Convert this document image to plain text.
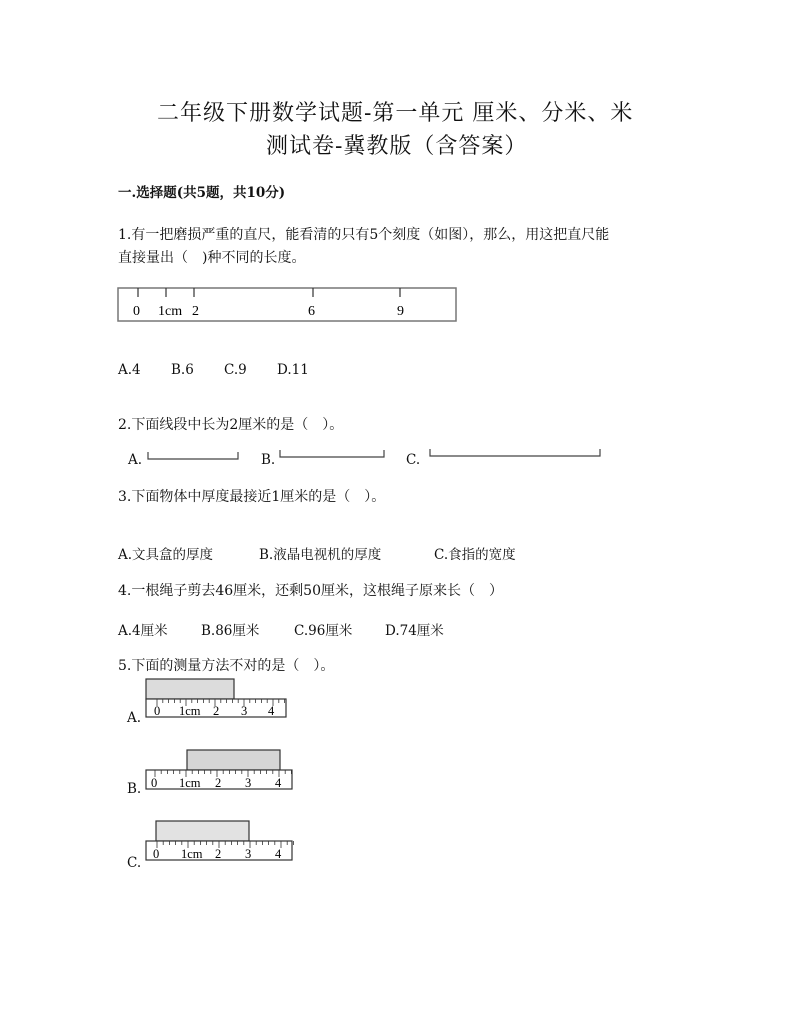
二年级下册数学试题-第一单元 厘米、分米、米
测试卷-冀教版（含答案）
一.选择题(共5题，共10分)
1.有一把磨损严重的直尺，能看清的只有5个刻度（如图），那么，用这把直尺能
直接量出（　)种不同的长度。
0 1cm 2	6	9
A.4 B.6 C.9 D.11
2.下面线段中长为2厘米的是（　）。
A.	B.	C.
3.下面物体中厚度最接近1厘米的是（　）。
A.文具盒的厚度	B.液晶电视机的厚度	C.食指的宽度
4.一根绳子剪去46厘米，还剩50厘米，这根绳子原来长（　）
A.4厘米 B.86厘米	C.96厘米 D.74厘米
5.下面的测量方法不对的是（　）。
0 1cm 2 3 4
A.
0 1cm 2 3 4
B.
0 1cm 2 3 4
C.
